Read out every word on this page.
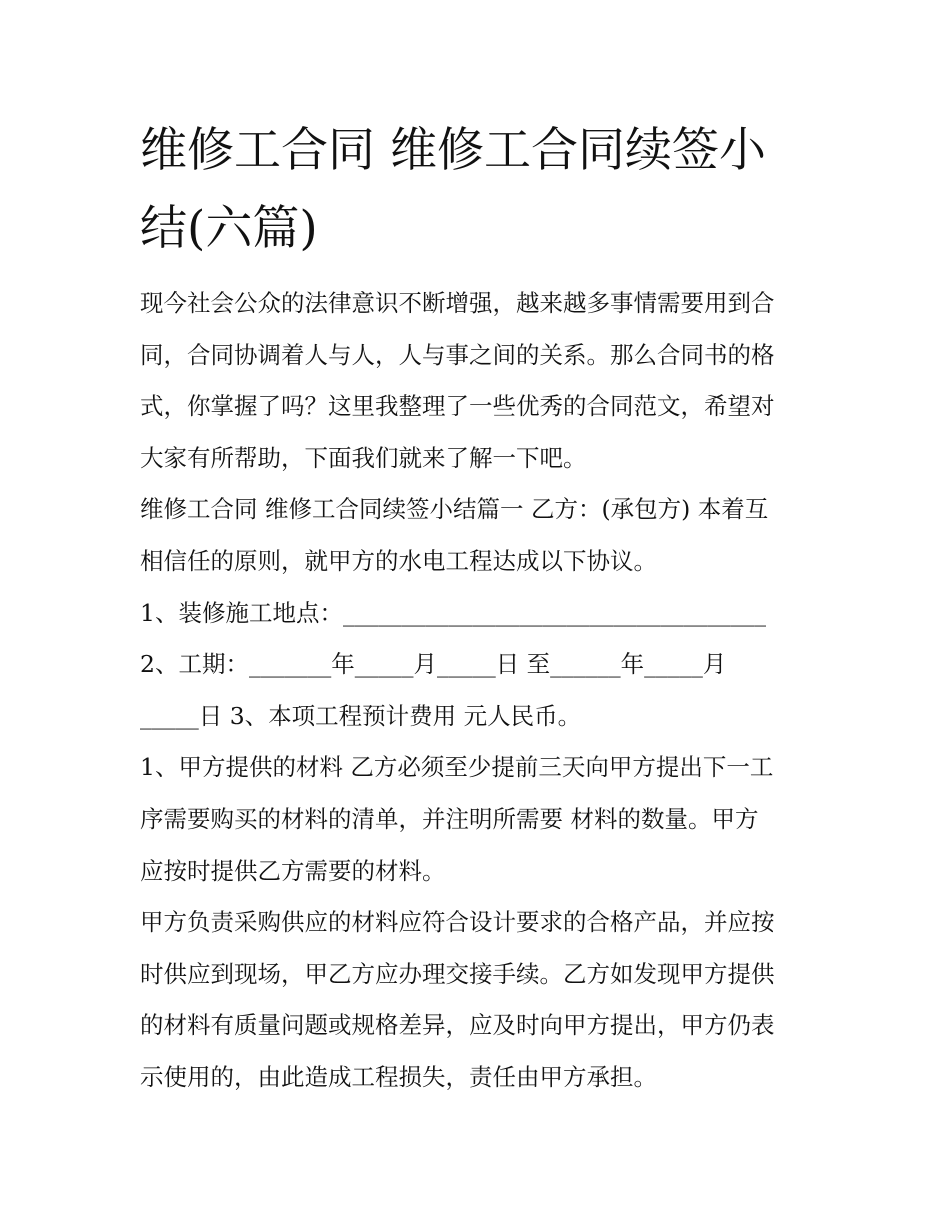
维修工合同 维修工合同续签小
结(六篇)
现今社会公众的法律意识不断增强，越来越多事情需要用到合
同，合同协调着人与人，人与事之间的关系。那么合同书的格
式，你掌握了吗？这里我整理了一些优秀的合同范文，希望对
大家有所帮助，下面我们就来了解一下吧。
维修工合同 维修工合同续签小结篇一 乙方：(承包方) 本着互
相信任的原则，就甲方的水电工程达成以下协议。
1、装修施工地点：____________________________________
2、工期：_______年_____月_____日 至______年_____月
_____日 3、本项工程预计费用 元人民币。
1、甲方提供的材料 乙方必须至少提前三天向甲方提出下一工
序需要购买的材料的清单，并注明所需要 材料的数量。甲方
应按时提供乙方需要的材料。
甲方负责采购供应的材料应符合设计要求的合格产品，并应按
时供应到现场，甲乙方应办理交接手续。乙方如发现甲方提供
的材料有质量问题或规格差异，应及时向甲方提出，甲方仍表
示使用的，由此造成工程损失，责任由甲方承担。
